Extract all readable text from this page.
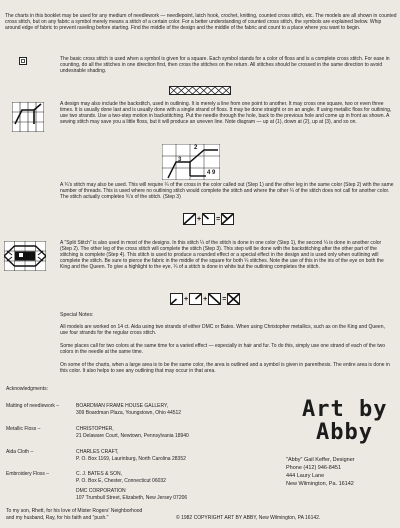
The charts in this booklet may be used for any medium of needlework — needlepoint, latch hook, crochet, knitting, counted cross stitch, etc. The models are all shown in counted cross stitch, but on any fabric a symbol merely means a stitch of a certain color. For a better understanding of counted cross stitch, the symbols are explained below. Whip around edge of fabric to prevent raveling before starting. Find the middle of the design and the middle of the fabric and count to a place where you want to begin.
The basic cross stitch is used when a symbol is given for a square. Each symbol stands for a color of floss and is a complete cross stitch. For ease in counting, do all the stitches in one direction first, then cross the stitches on the return. All stitches should be crossed in the same direction to avoid undesirable shading.
A design may also include the backstitch, used in outlining. It is merely a line from one point to another. It may cross one square, two or even three times. It is usually done last and is usually done with a single strand of floss. It may be done straight or on an angle. If using metallic floss for outlining, use two strands. Use a two-step motion in backstitching. Put the needle through the hole, back to the previous hole and come up in front as shown. A sewing stitch may save you a little floss, but it will produce an uneven line. Note diagram — up at (1), down at (2), up at (3), and so on.
2
3
4 9
A ¾'s stitch may also be used. This will require ¼ of the cross in the color called out (Step 1) and the other leg in the same color (Step 2) with the same number of threads. This is used where no outlining stitch would complete the stitch and where the other ¼ of the stitch does not call for another color. The stitch actually completes ¾'s of the stitch. (Step 3)
+ =
A "Split Stitch" is also used in most of the designs. In this stitch ¼ of the stitch is done in one color (Step 1), the second ¼ is done in another color (Step 2). The other leg of the cross stitch will complete the stitch (Step 3). This step will be done with the backstitching after the other part of the stitching is complete (Step 4). This stitch is used to produce a rounded effect or a special effect in the design and is used only when outlining will complete the stitch. Be sure to pierce the fabric in the middle of the square for both ¼ stitches. Note the use of this in the iris of the eye on both the King and the Queen. To give a highlight to the eye, ¼ of a stitch is done in white but the outlining completes the stitch.
+ + =
Special Notes:
All models are worked on 14 ct. Aida using two strands of either DMC or Bates. When using Christopher metallics, such as on the King and Queen, use four strands for the regular cross stitch.
Some places call for two colors at the same time for a varied effect — especially in hair and fur. To do this, simply use one strand of each of the two colors in the needle at the same time.
On some of the charts, when a large area is to be the same color, the area is outlined and a symbol is given in parenthesis. The entire area is done in this color. It also helps to see any outlining that may occur in that area.
Acknowledgments:
Matting of needlework –	BOARDMAN FRAME HOUSE GALLERY,
309 Boardman Plaza, Youngstown, Ohio 44512
Metallic Floss –	CHRISTOPHER,
21 Delaware Court, Newtown, Pennsylvania 18940
Aida Cloth –	CHARLES CRAFT,
P. O. Box 1169, Laurinburg, North Carolina 28352
Embroidery Floss –	C. J. BATES & SON,
P. O. Box E, Chester, Connecticut 06032
DMC CORPORATION
107 Trumbull Street, Elizabeth, New Jersey 07206
Art by
Abby
"Abby" Gail Keffer, Designer
Phone (412) 946-8451
444 Laury Lane
New Wilmington, Pa. 16142
To my son, Rhett, for his love of Mister Rogers' Neighborhood
and my husband, Ray, for his faith and "push."	© 1982 COPYRIGHT ART BY ABBY, New Wilmington, PA 16142.
